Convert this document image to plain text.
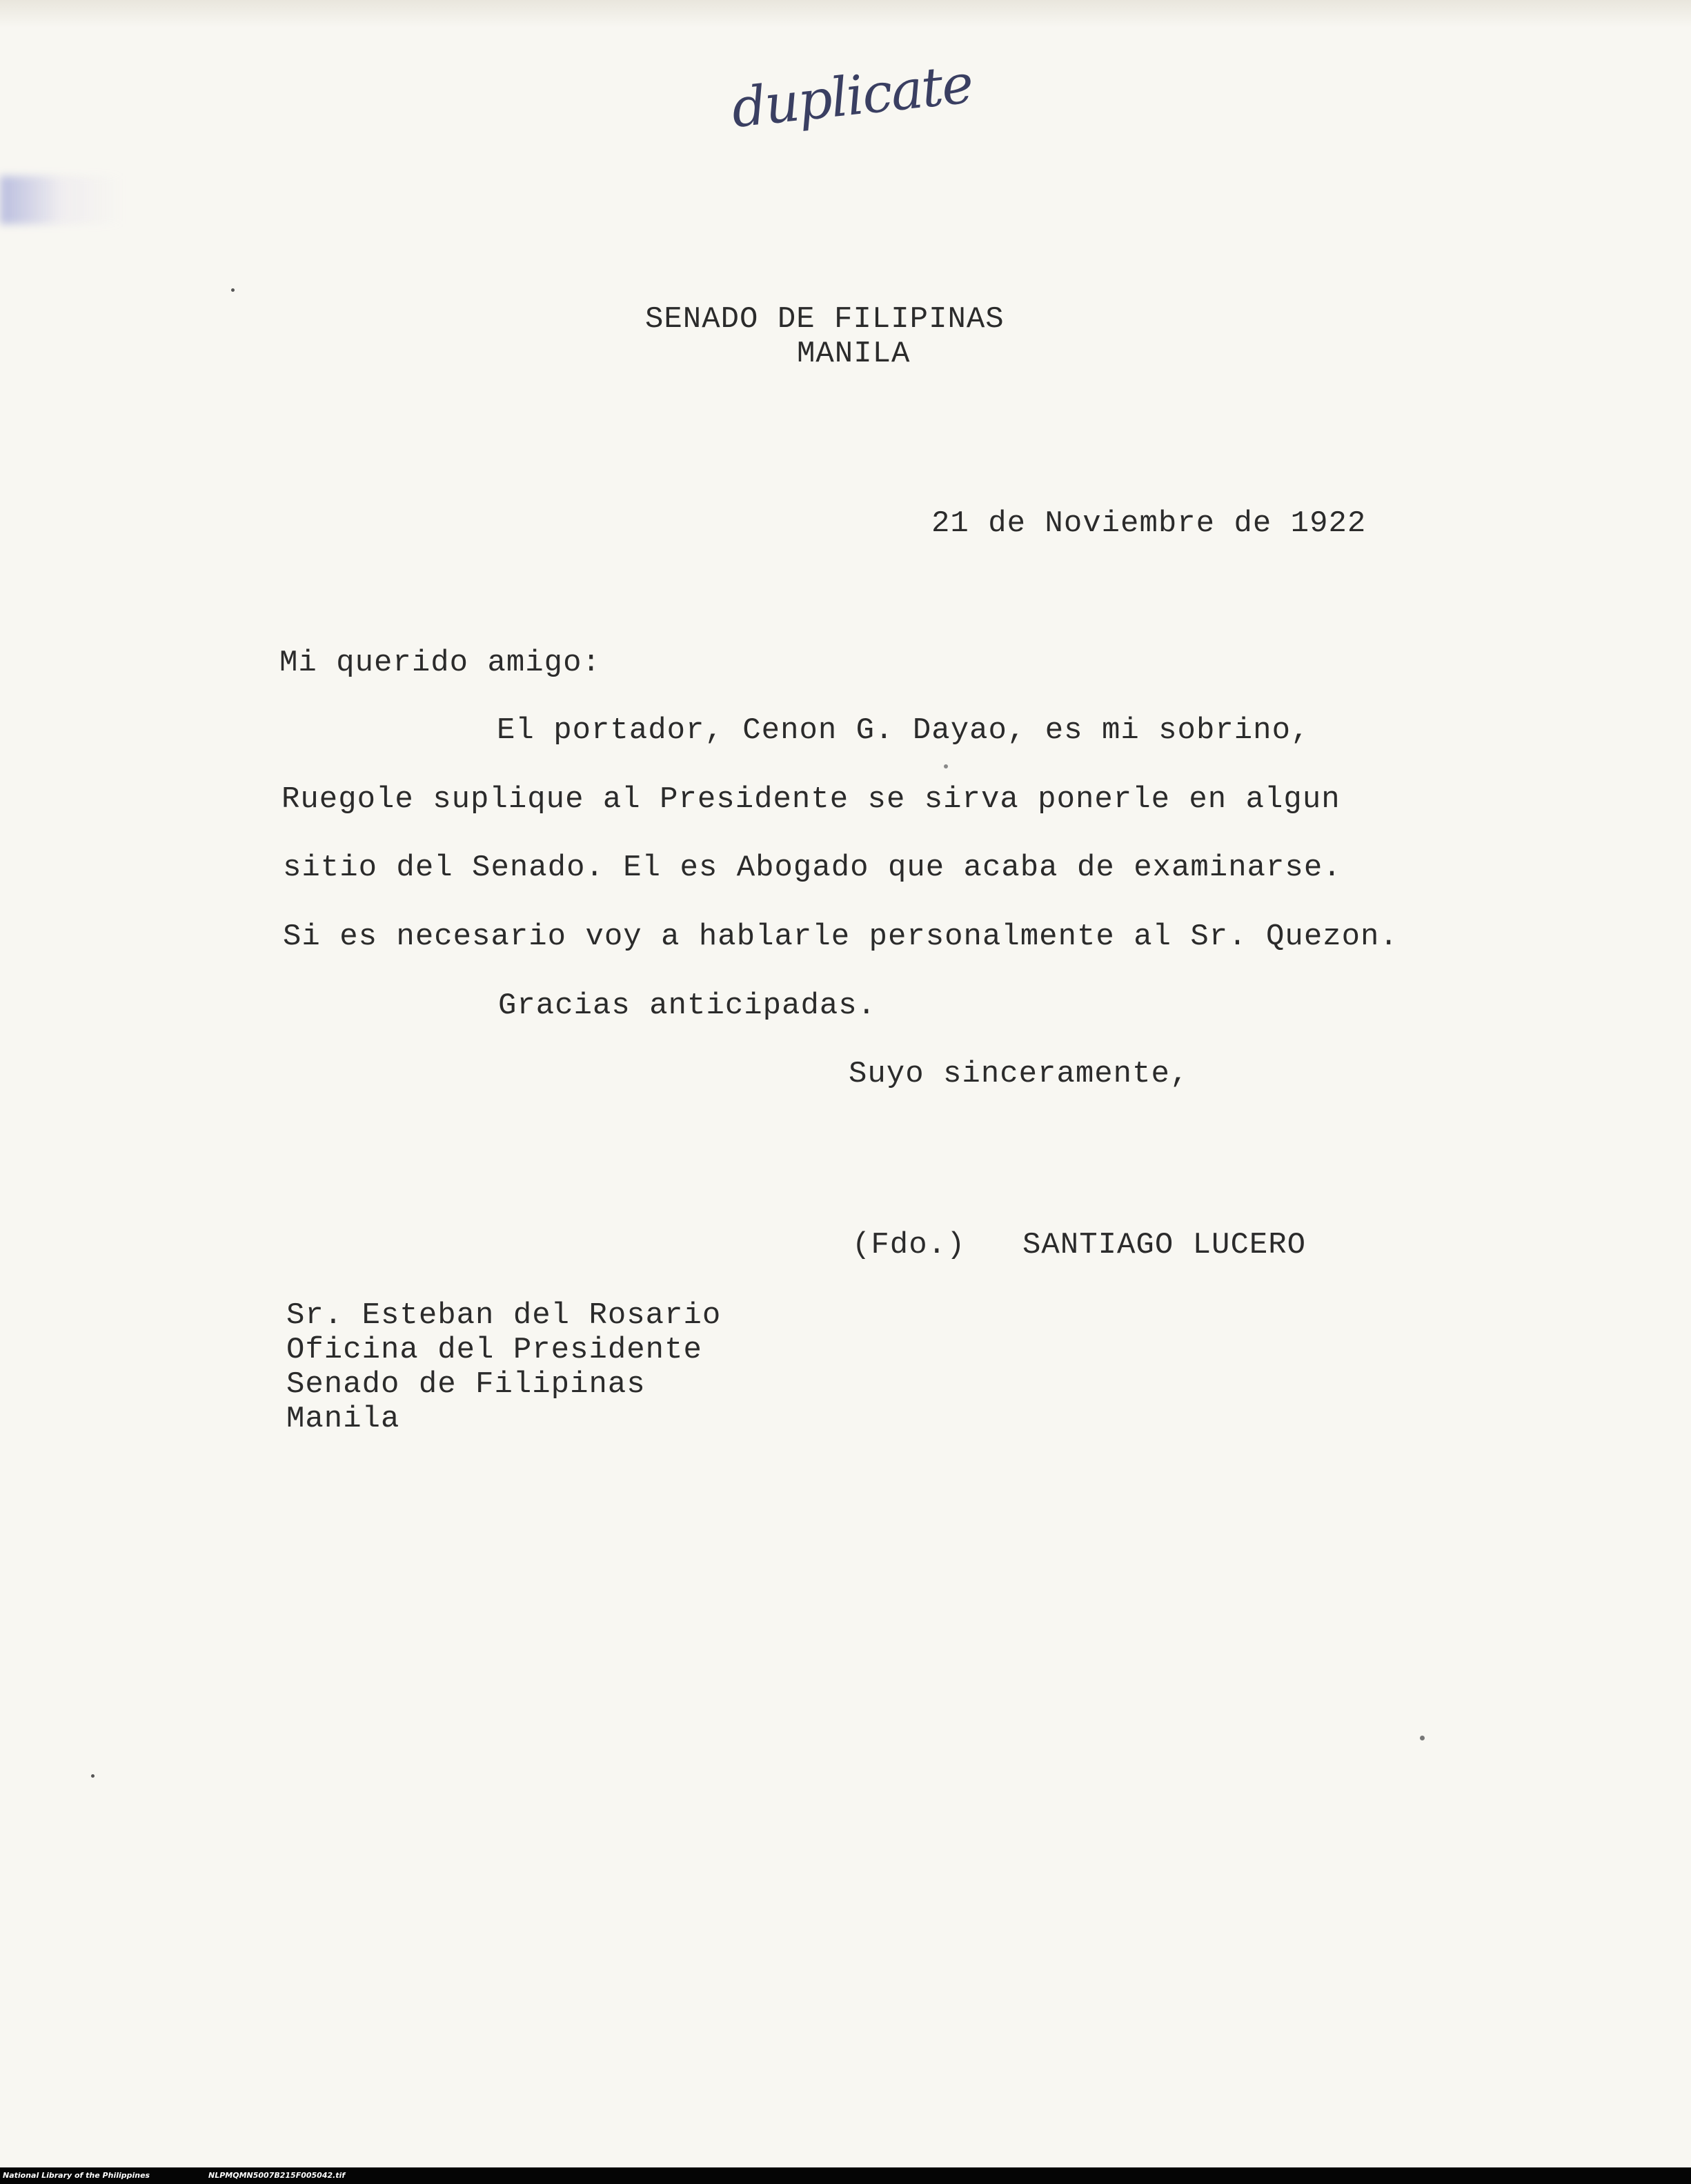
duplicate
SENADO DE FILIPINAS
MANILA
21 de Noviembre de 1922
Mi querido amigo:
El portador, Cenon G. Dayao, es mi sobrino,
Ruegole suplique al Presidente se sirva ponerle en algun
sitio del Senado. El es Abogado que acaba de examinarse.
Si es necesario voy a hablarle personalmente al Sr. Quezon.
Gracias anticipadas.
Suyo sinceramente,
(Fdo.) SANTIAGO LUCERO
Sr. Esteban del Rosario
Oficina del Presidente
Senado de Filipinas
Manila
National Library of the Philippines	NLPMQMN5007B215F005042.tif
